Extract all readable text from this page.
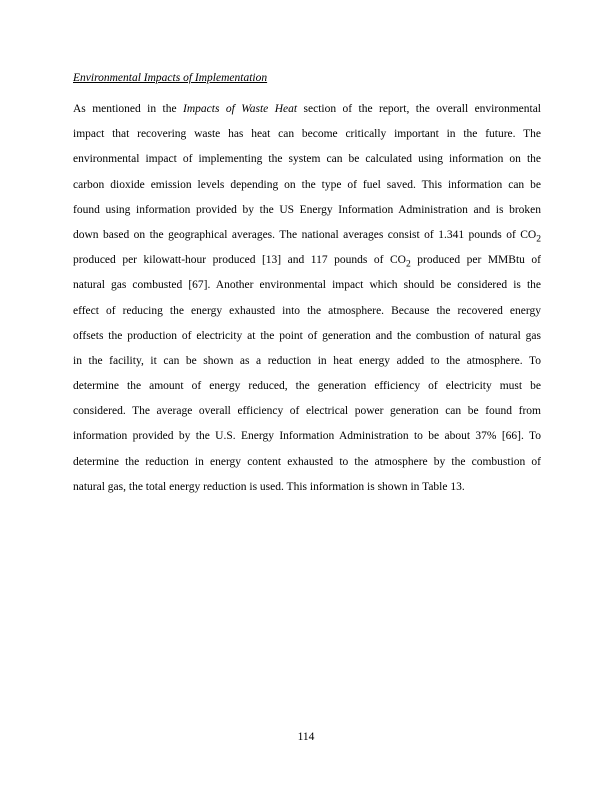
Environmental Impacts of Implementation
As mentioned in the Impacts of Waste Heat section of the report, the overall environmental
impact that recovering waste has heat can become critically important in the future. The
environmental impact of implementing the system can be calculated using information on the
carbon dioxide emission levels depending on the type of fuel saved. This information can be
found using information provided by the US Energy Information Administration and is broken
down based on the geographical averages. The national averages consist of 1.341 pounds of $CO_2$
produced per kilowatt-hour produced [13] and 117 pounds of $CO_2$ produced per MMBtu of
natural gas combusted [67]. Another environmental impact which should be considered is the
effect of reducing the energy exhausted into the atmosphere. Because the recovered energy
offsets the production of electricity at the point of generation and the combustion of natural gas
in the facility, it can be shown as a reduction in heat energy added to the atmosphere. To
determine the amount of energy reduced, the generation efficiency of electricity must be
considered. The average overall efficiency of electrical power generation can be found from
information provided by the U.S. Energy Information Administration to be about 37% [66]. To
determine the reduction in energy content exhausted to the atmosphere by the combustion of
natural gas, the total energy reduction is used. This information is shown in Table 13.
114
